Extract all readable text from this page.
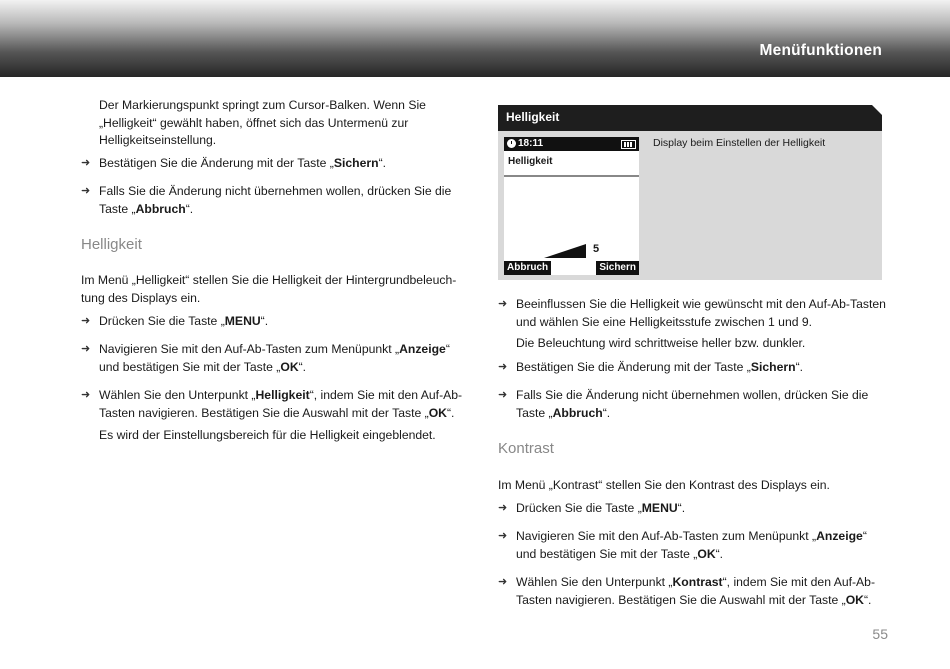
Menüfunktionen

Der Markierungspunkt springt zum Cursor-Balken. Wenn Sie

„Helligkeit“ gewählt haben, öffnet sich das Untermenü zur

Helligkeitseinstellung.

➜ Bestätigen Sie die Änderung mit der Taste „Sichern“.
➜ Falls Sie die Änderung nicht übernehmen wollen, drücken Sie die
Taste „Abbruch“.
Helligkeit

Im Menü „Helligkeit“ stellen Sie die Helligkeit der Hintergrundbeleuch-

tung des Displays ein.

➜ Drücken Sie die Taste „MENU“.
➜ Navigieren Sie mit den Auf-Ab-Tasten zum Menüpunkt „Anzeige“
und bestätigen Sie mit der Taste „OK“.
➜ Wählen Sie den Unterpunkt „Helligkeit“, indem Sie mit den Auf-Ab-
Tasten navigieren. Bestätigen Sie die Auswahl mit der Taste „OK“.

Es wird der Einstellungsbereich für die Helligkeit eingeblendet.

Helligkeit
18:11
Helligkeit
5
Abbruch	Sichern
Display beim Einstellen der Helligkeit
➜ Beeinflussen Sie die Helligkeit wie gewünscht mit den Auf-Ab-Tasten
und wählen Sie eine Helligkeitsstufe zwischen 1 und 9.

Die Beleuchtung wird schrittweise heller bzw. dunkler.

➜ Bestätigen Sie die Änderung mit der Taste „Sichern“.
➜ Falls Sie die Änderung nicht übernehmen wollen, drücken Sie die
Taste „Abbruch“.
Kontrast

Im Menü „Kontrast“ stellen Sie den Kontrast des Displays ein.

➜ Drücken Sie die Taste „MENU“.
➜ Navigieren Sie mit den Auf-Ab-Tasten zum Menüpunkt „Anzeige“
und bestätigen Sie mit der Taste „OK“.
➜ Wählen Sie den Unterpunkt „Kontrast“, indem Sie mit den Auf-Ab-
Tasten navigieren. Bestätigen Sie die Auswahl mit der Taste „OK“.
55
